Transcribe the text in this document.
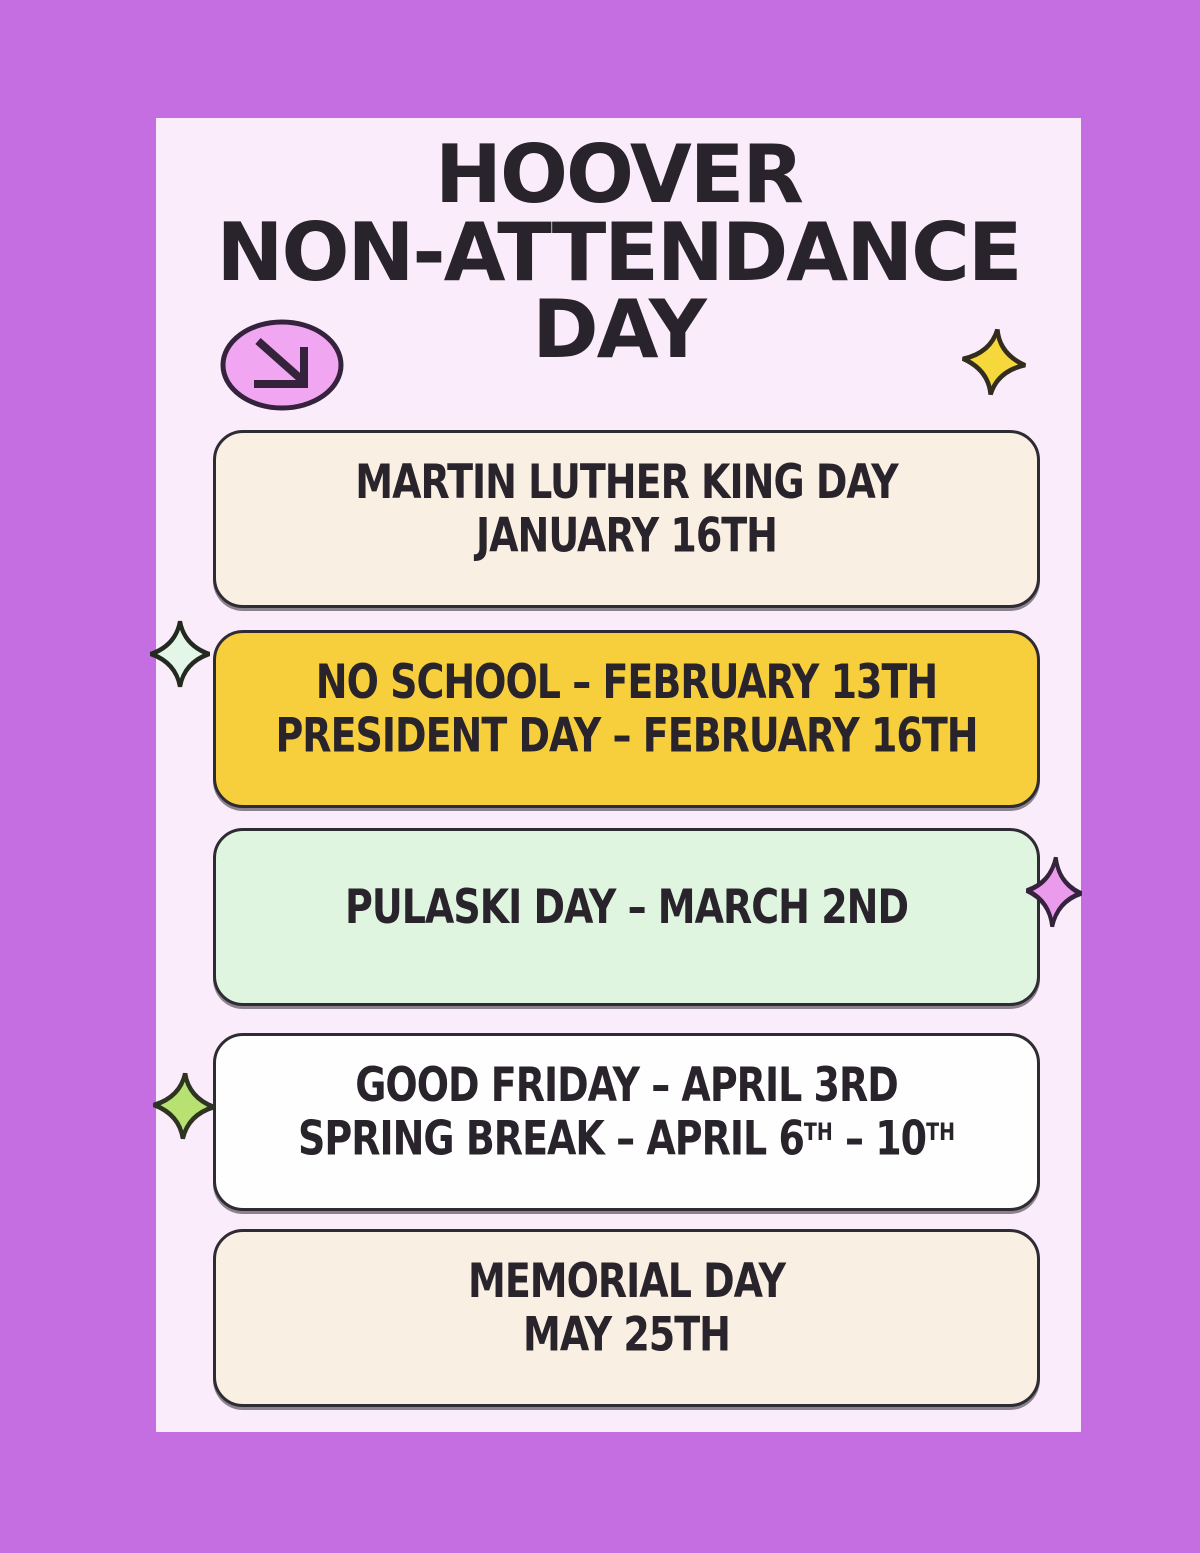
HOOVER
NON-ATTENDANCE
DAY
MARTIN LUTHER KING DAY
JANUARY 16TH
NO SCHOOL – FEBRUARY 13TH
PRESIDENT DAY – FEBRUARY 16TH
PULASKI DAY – MARCH 2ND
GOOD FRIDAY – APRIL 3RD
SPRING BREAK – APRIL 6TH – 10TH
MEMORIAL DAY
MAY 25TH
